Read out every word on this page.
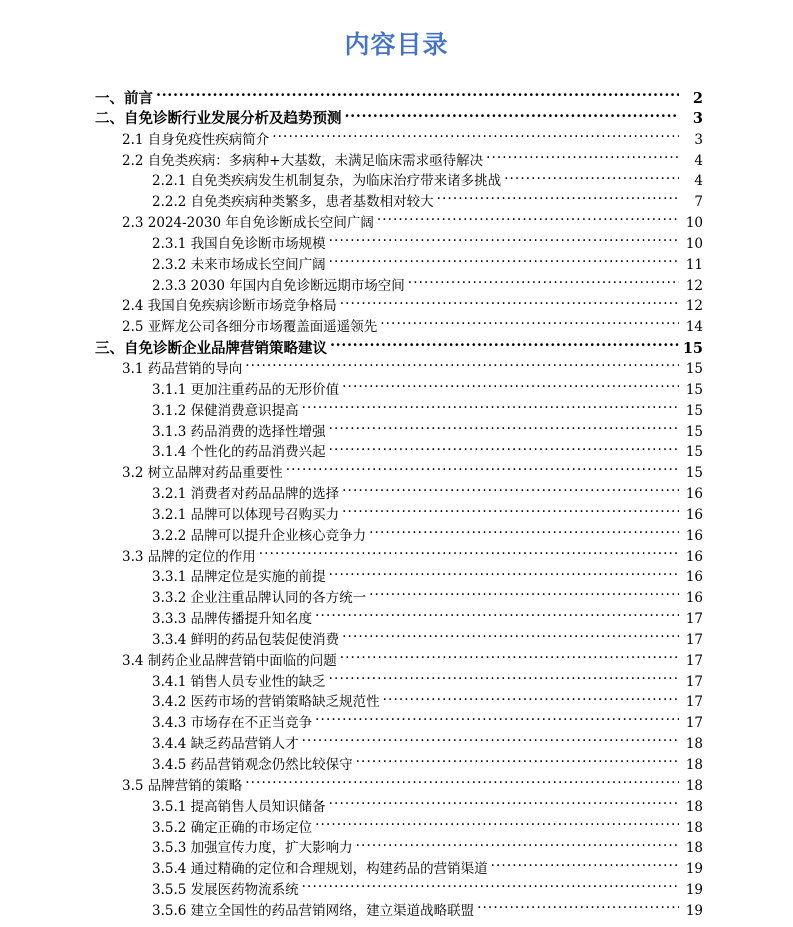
内容目录
一、前言 .....	2
二、自免诊断行业发展分析及趋势预测 .....	3
2.1 自身免疫性疾病简介 .....	3
2.2 自免类疾病：多病种+大基数，未满足临床需求亟待解决 .....	4
2.2.1 自免类疾病发生机制复杂，为临床治疗带来诸多挑战 .....	4
2.2.2 自免类疾病种类繁多，患者基数相对较大 .....	7
2.3 2024-2030 年自免诊断成长空间广阔 .....	10
2.3.1 我国自免诊断市场规模 .....	10
2.3.2 未来市场成长空间广阔 .....	11
2.3.3 2030 年国内自免诊断远期市场空间 .....	12
2.4 我国自免疾病诊断市场竞争格局 .....	12
2.5 亚辉龙公司各细分市场覆盖面遥遥领先 .....	14
三、自免诊断企业品牌营销策略建议 .....	15
3.1 药品营销的导向 .....	15
3.1.1 更加注重药品的无形价值 .....	15
3.1.2 保健消费意识提高 .....	15
3.1.3 药品消费的选择性增强 .....	15
3.1.4 个性化的药品消费兴起 .....	15
3.2 树立品牌对药品重要性 .....	15
3.2.1 消费者对药品品牌的选择 .....	16
3.2.1 品牌可以体现号召购买力 .....	16
3.2.2 品牌可以提升企业核心竞争力 .....	16
3.3 品牌的定位的作用 .....	16
3.3.1 品牌定位是实施的前提 .....	16
3.3.2 企业注重品牌认同的各方统一 .....	16
3.3.3 品牌传播提升知名度 .....	17
3.3.4 鲜明的药品包装促使消费 .....	17
3.4 制药企业品牌营销中面临的问题 .....	17
3.4.1 销售人员专业性的缺乏 .....	17
3.4.2 医药市场的营销策略缺乏规范性 .....	17
3.4.3 市场存在不正当竞争 .....	17
3.4.4 缺乏药品营销人才 .....	18
3.4.5 药品营销观念仍然比较保守 .....	18
3.5 品牌营销的策略 .....	18
3.5.1 提高销售人员知识储备 .....	18
3.5.2 确定正确的市场定位 .....	18
3.5.3 加强宣传力度，扩大影响力 .....	18
3.5.4 通过精确的定位和合理规划，构建药品的营销渠道 .....	19
3.5.5 发展医药物流系统 .....	19
3.5.6 建立全国性的药品营销网络，建立渠道战略联盟 .....	19
